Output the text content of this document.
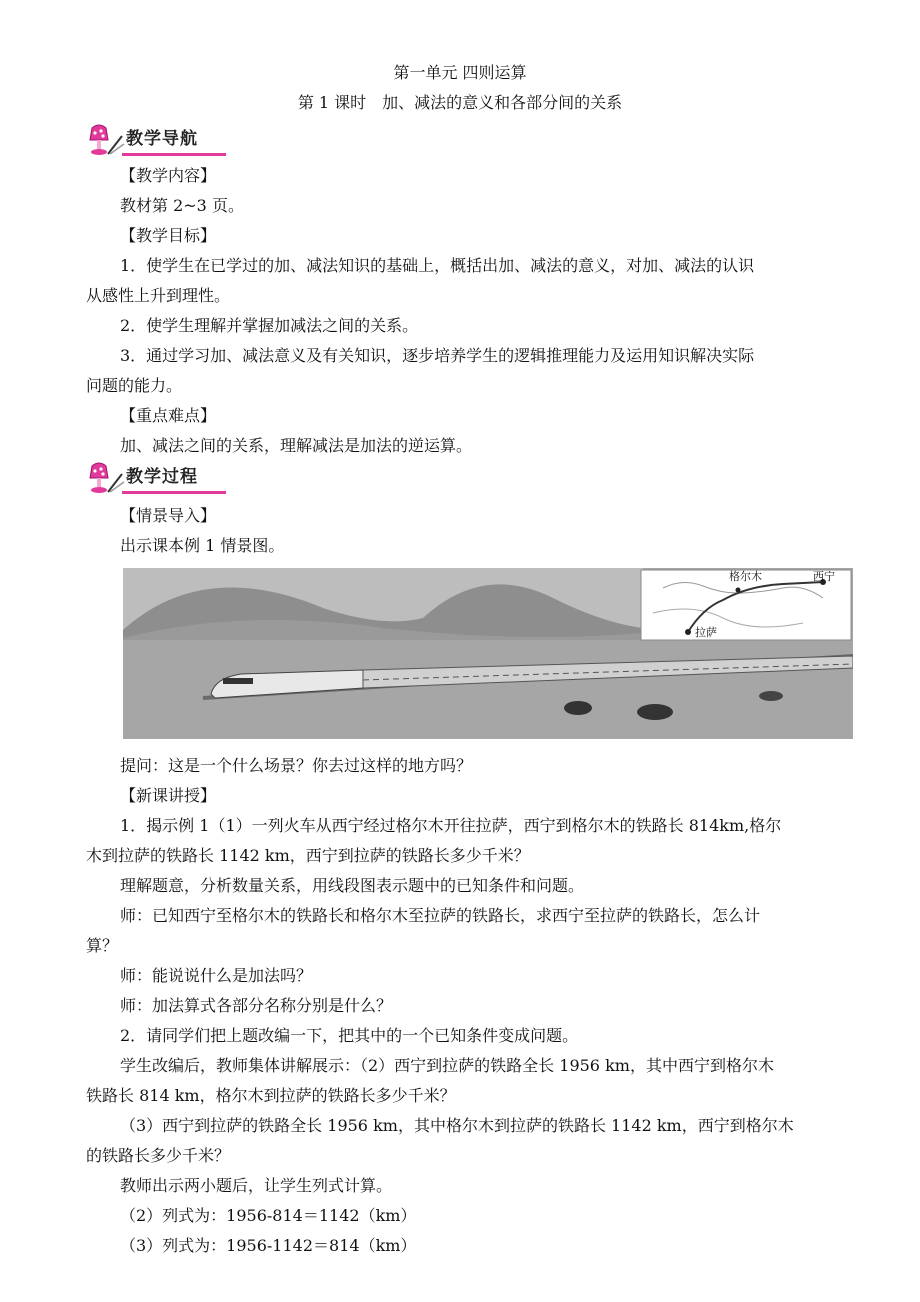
第一单元 四则运算
第 1 课时　加、减法的意义和各部分间的关系
教学导航
【教学内容】
教材第 2~3 页。
【教学目标】
1．使学生在已学过的加、减法知识的基础上，概括出加、减法的意义，对加、减法的认识
从感性上升到理性。
2．使学生理解并掌握加减法之间的关系。
3．通过学习加、减法意义及有关知识，逐步培养学生的逻辑推理能力及运用知识解决实际
问题的能力。
【重点难点】
加、减法之间的关系，理解减法是加法的逆运算。
教学过程
【情景导入】
出示课本例 1 情景图。
格尔木	西宁
拉萨
提问：这是一个什么场景？你去过这样的地方吗？
【新课讲授】
1．揭示例 1（1）一列火车从西宁经过格尔木开往拉萨，西宁到格尔木的铁路长 814km,格尔
木到拉萨的铁路长 1142 km，西宁到拉萨的铁路长多少千米？
理解题意，分析数量关系，用线段图表示题中的已知条件和问题。
师：已知西宁至格尔木的铁路长和格尔木至拉萨的铁路长，求西宁至拉萨的铁路长，怎么计
算？
师：能说说什么是加法吗？
师：加法算式各部分名称分别是什么？
2．请同学们把上题改编一下，把其中的一个已知条件变成问题。
学生改编后，教师集体讲解展示：（2）西宁到拉萨的铁路全长 1956 km，其中西宁到格尔木
铁路长 814 km，格尔木到拉萨的铁路长多少千米？
（3）西宁到拉萨的铁路全长 1956 km，其中格尔木到拉萨的铁路长 1142 km，西宁到格尔木
的铁路长多少千米？
教师出示两小题后，让学生列式计算。
（2）列式为：1956-814＝1142（km）
（3）列式为：1956-1142＝814（km）
